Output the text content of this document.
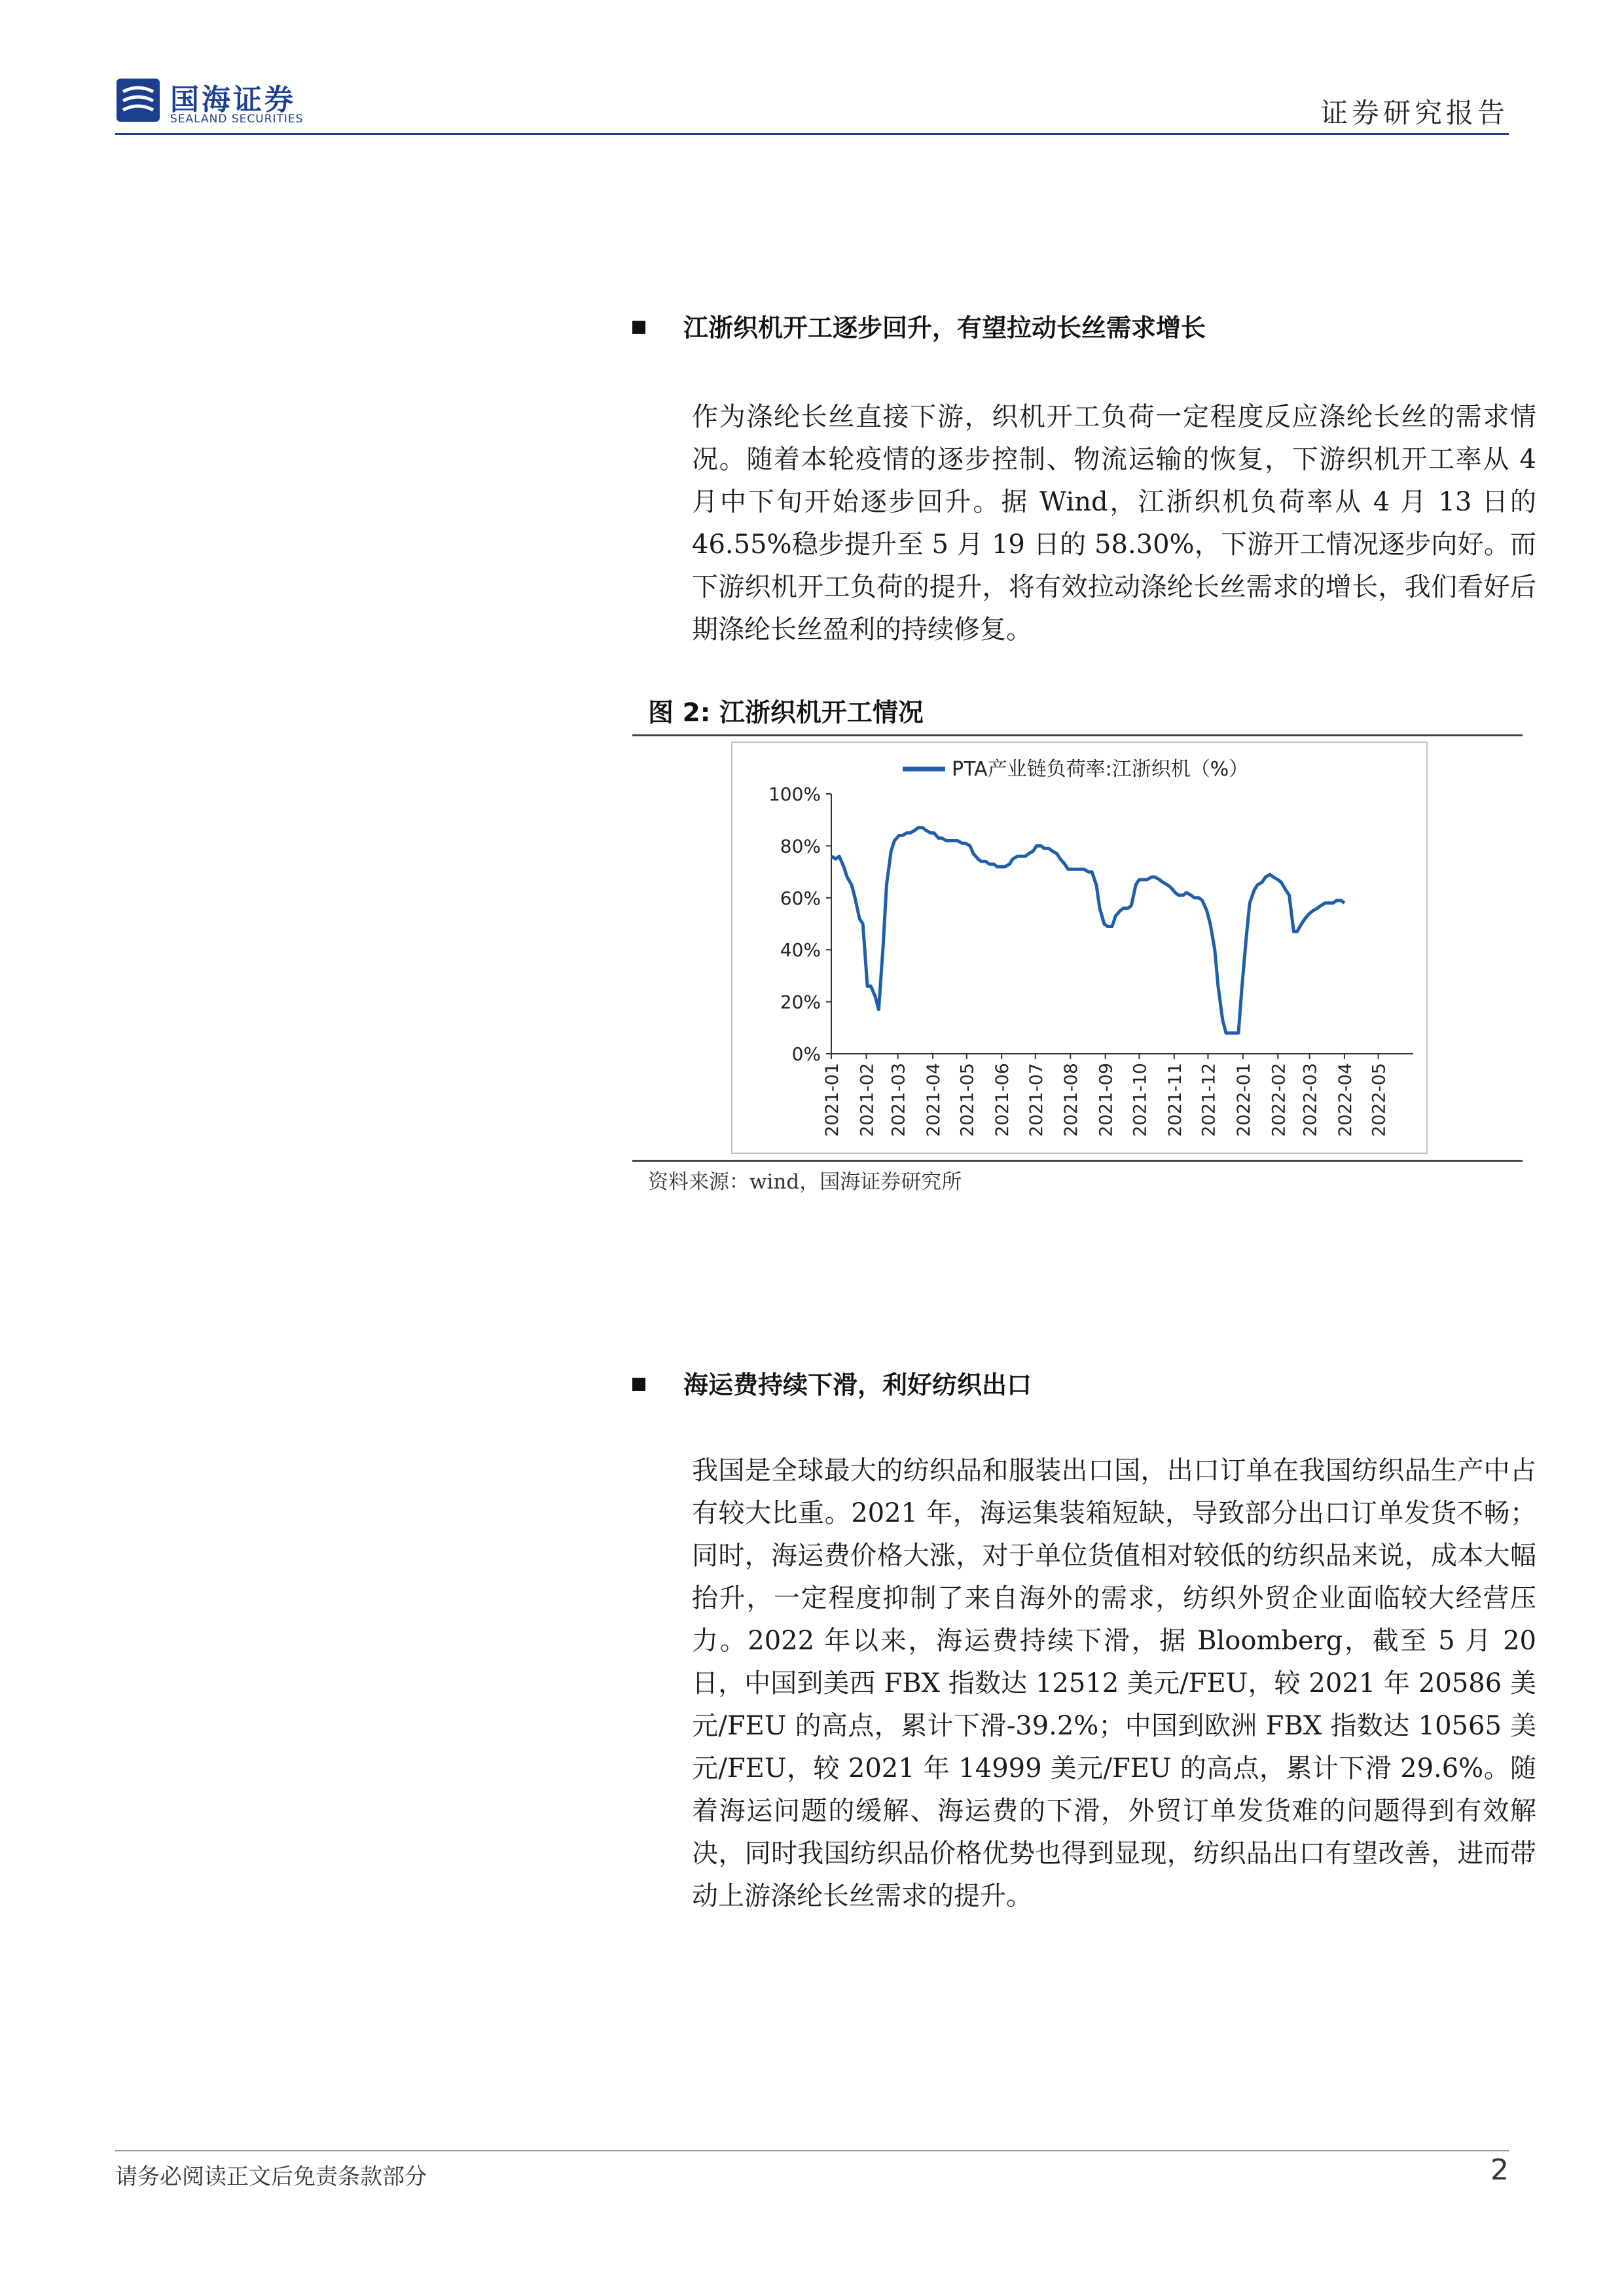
国海证券
SEALAND SECURITIES	证券研究报告
江浙织机开工逐步回升，有望拉动长丝需求增长
作为涤纶长丝直接下游，织机开工负荷一定程度反应涤纶长丝的需求情况。随着本轮疫情的逐步控制、物流运输的恢复，下游织机开工率从 4 月中下旬开始逐步回升。据 Wind，江浙织机负荷率从 4 月 13 日的 46.55%稳步提升至 5 月 19 日的 58.30%，下游开工情况逐步向好。而下游织机开工负荷的提升，将有效拉动涤纶长丝需求的增长，我们看好后期涤纶长丝盈利的持续修复。
图 2: 江浙织机开工情况
0%
20%
40%
60%
80%
100%
2021-01 2021-02 2021-03 2021-04 2021-05 2021-06 2021-07 2021-08 2021-09 2021-10 2021-11 2021-12 2022-01 2022-02 2022-03 2022-04 2022-05
PTA产业链负荷率:江浙织机（%）
资料来源：wind，国海证券研究所
海运费持续下滑，利好纺织出口
我国是全球最大的纺织品和服装出口国，出口订单在我国纺织品生产中占有较大比重。2021 年，海运集装箱短缺，导致部分出口订单发货不畅；同时，海运费价格大涨，对于单位货值相对较低的纺织品来说，成本大幅抬升，一定程度抑制了来自海外的需求，纺织外贸企业面临较大经营压力。2022 年以来，海运费持续下滑，据 Bloomberg，截至 5 月 20 日，中国到美西 FBX 指数达 12512 美元/FEU，较 2021 年 20586 美元/FEU 的高点，累计下滑-39.2%；中国到欧洲 FBX 指数达 10565 美元/FEU，较 2021 年 14999 美元/FEU 的高点，累计下滑 29.6%。随着海运问题的缓解、海运费的下滑，外贸订单发货难的问题得到有效解决，同时我国纺织品价格优势也得到显现，纺织品出口有望改善，进而带动上游涤纶长丝需求的提升。
请务必阅读正文后免责条款部分	2
